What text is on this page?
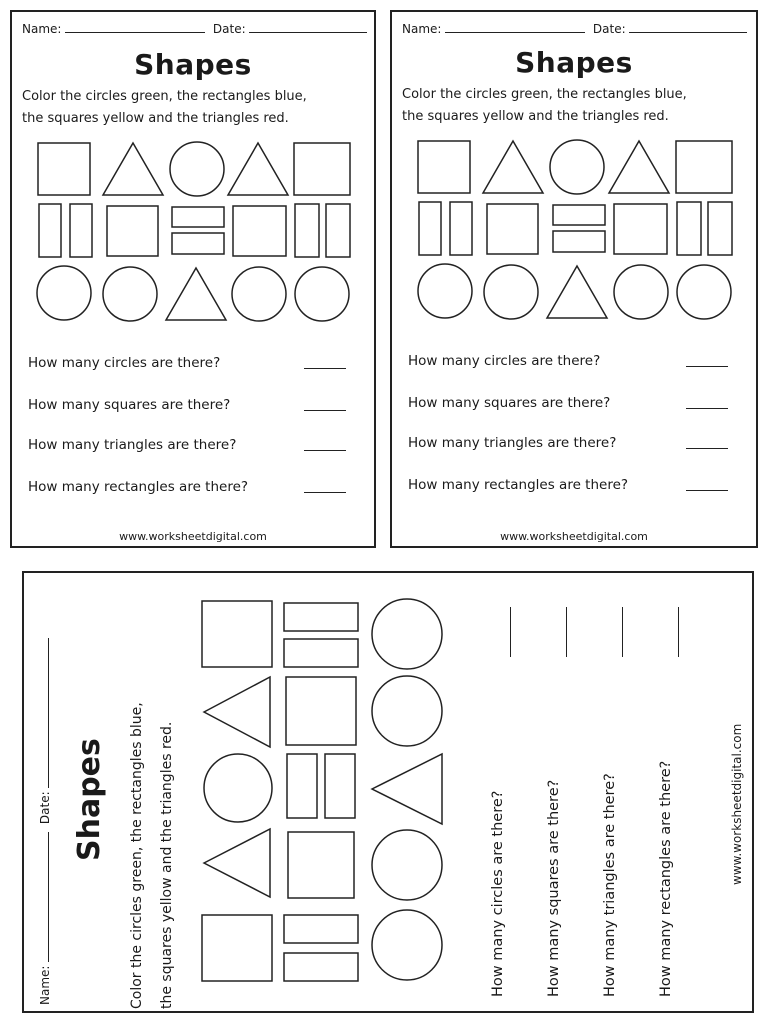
Name:	Date:
Shapes
Color the circles green, the rectangles blue,
the squares yellow and the triangles red.
How many circles are there?
How many squares are there?
How many triangles are there?
How many rectangles are there?
www.worksheetdigital.com
Name:	Date:
Shapes
Color the circles green, the rectangles blue,
the squares yellow and the triangles red.
How many circles are there?
How many squares are there?
How many triangles are there?
How many rectangles are there?
www.worksheetdigital.com
Name:   Date: Shapes	Color the circles green, the rectangles blue,	the squares yellow and the triangles red.	How many circles are there?	How many squares are there?	How many triangles are there?	How many rectangles are there?	www.worksheetdigital.com
